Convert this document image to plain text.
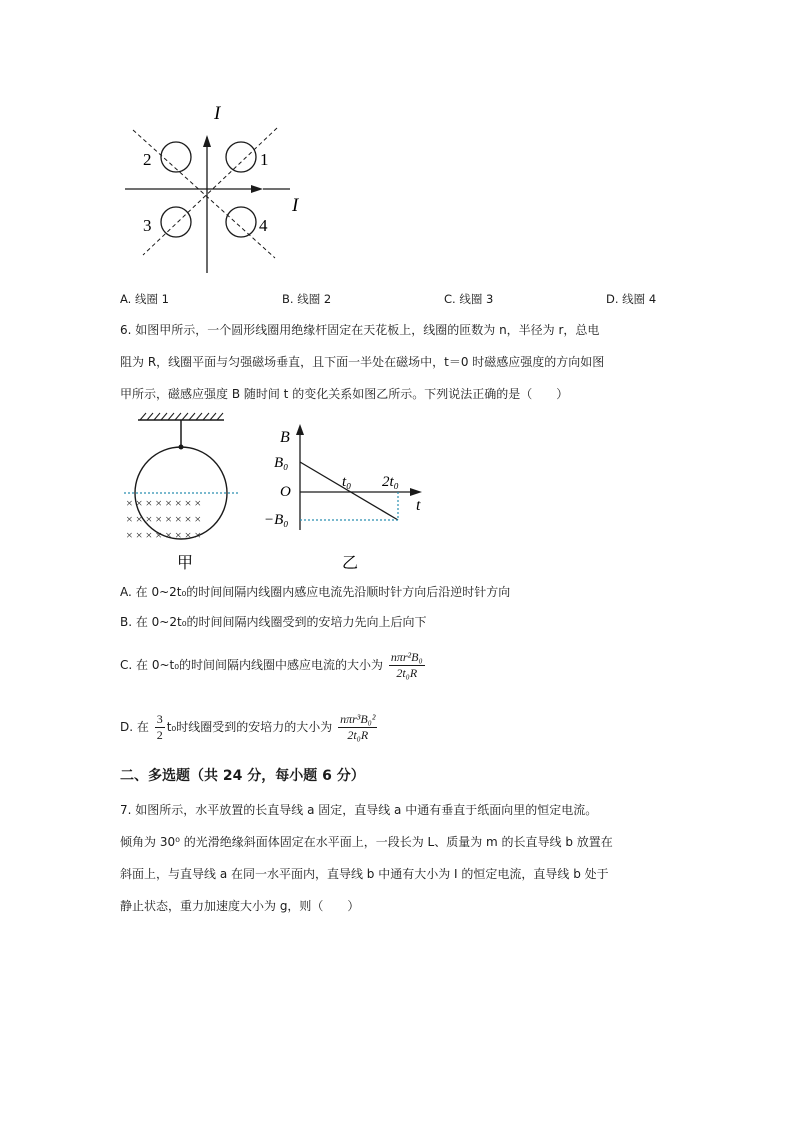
I
I
1
2
3	4
A. 线圈 1	B. 线圈 2	C. 线圈 3	D. 线圈 4
6. 如图甲所示，一个圆形线圈用绝缘杆固定在天花板上，线圈的匝数为 n，半径为 r，总电
阻为 R，线圈平面与匀强磁场垂直，且下面一半处在磁场中，t＝0 时磁感应强度的方向如图
甲所示，磁感应强度 B 随时间 t 的变化关系如图乙所示。下列说法正确的是（　　）
× × × × × × × ×
× × × × × × × ×
× × × × × × × ×
甲
B
t
O
B₀
−B₀
t₀ 2t₀
乙
A. 在 0~2t₀的时间间隔内线圈内感应电流先沿顺时针方向后沿逆时针方向
B. 在 0~2t₀的时间间隔内线圈受到的安培力先向上后向下
C. 在 0~t₀的时间间隔内线圈中感应电流的大小为 $\frac{\text{nπr²B₀}}{\text{2t₀R}}$
D. 在 $\frac{3}{2} t_0$时线圈受到的安培力的大小为 $\frac{\text{nπr³B₀²}}{\text{2t₀R}}$
二、多选题（共 24 分，每小题 6 分）
7. 如图所示，水平放置的长直导线 a 固定，直导线 a 中通有垂直于纸面向里的恒定电流。
倾角为 30⁰ 的光滑绝缘斜面体固定在水平面上，一段长为 L、质量为 m 的长直导线 b 放置在
斜面上，与直导线 a 在同一水平面内，直导线 b 中通有大小为 I 的恒定电流，直导线 b 处于
静止状态，重力加速度大小为 g，则（　　）
